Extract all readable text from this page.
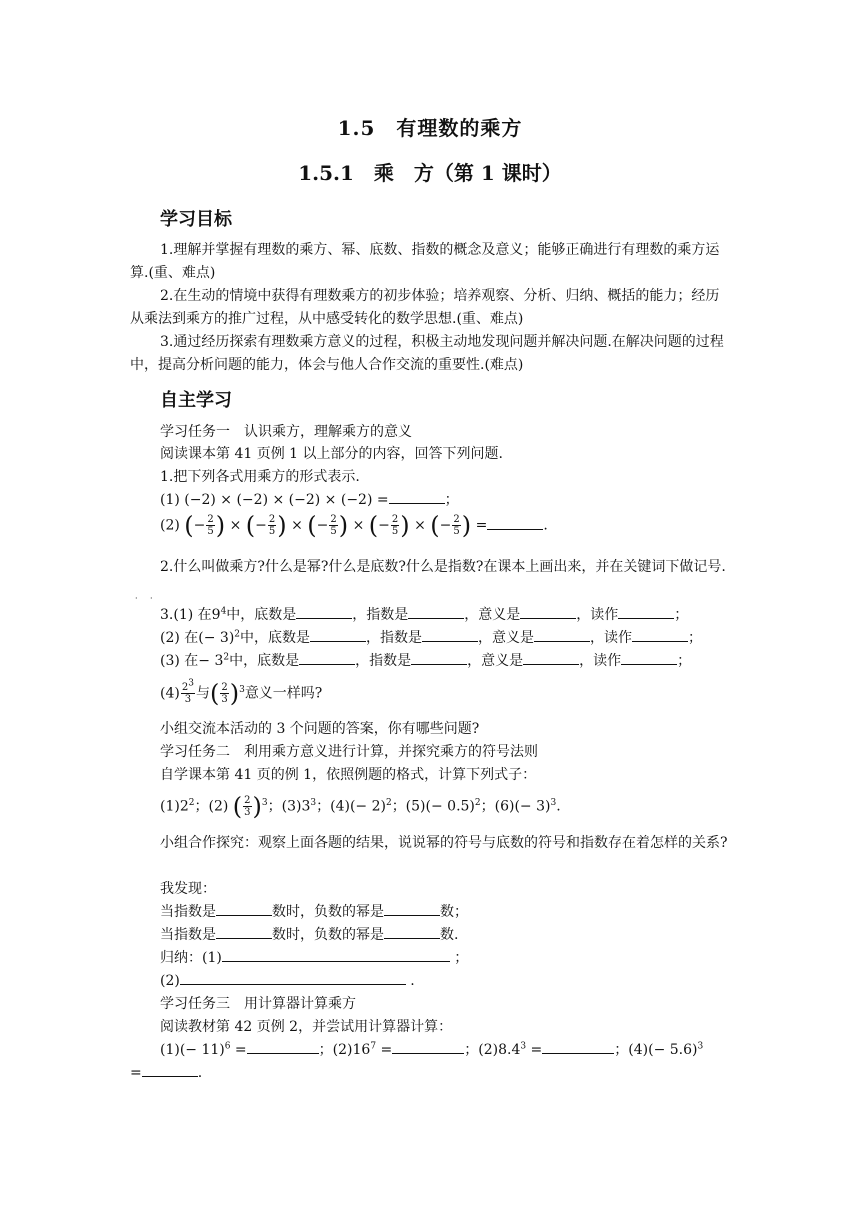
1.5　有理数的乘方
1.5.1　乘　方（第 1 课时）
学习目标
1.理解并掌握有理数的乘方、幂、底数、指数的概念及意义；能够正确进行有理数的乘方运算.(重、难点)
2.在生动的情境中获得有理数乘方的初步体验；培养观察、分析、归纳、概括的能力；经历从乘法到乘方的推广过程，从中感受转化的数学思想.(重、难点)
3.通过经历探索有理数乘方意义的过程，积极主动地发现问题并解决问题.在解决问题的过程中，提高分析问题的能力，体会与他人合作交流的重要性.(难点)
自主学习
学习任务一　认识乘方，理解乘方的意义
阅读课本第 41 页例 1 以上部分的内容，回答下列问题.
1.把下列各式用乘方的形式表示.
(1) (−2) × (−2) × (−2) × (−2) =	；
(2) (− $\frac{2}{5}$ ) × (− $\frac{2}{5}$ ) × (− $\frac{2}{5}$ ) × (− $\frac{2}{5}$ ) × (− $\frac{2}{5}$ ) =	.
2.什么叫做乘方?什么是幂?什么是底数?什么是指数?在课本上画出来，并在关键词下做记号.
· ·
3.(1) 在$9^4$中，底数是	，指数是	，意义是	，读作	；
(2) 在(− 3)$^2$中，底数是	，指数是	，意义是	，读作	；
(3) 在− $3^2$中，底数是	，指数是	，意义是	，读作	；
$(4) \frac{2^3}{3}$ 与( $\frac{2}{3} )^3$意义一样吗?
小组交流本活动的 3 个问题的答案，你有哪些问题?
学习任务二　利用乘方意义进行计算，并探究乘方的符号法则
自学课本第 41 页的例 1，依照例题的格式，计算下列式子：
$(1)2^2$；(2) ( $\frac{2}{3} )^3$；$(3)3^3$；$(4)(- 2)^2$；$(5)(- 0.5)^2$；$(6)(- 3)^3$.
小组合作探究：观察上面各题的结果，说说幂的符号与底数的符号和指数存在着怎样的关系?
我发现：
当指数是	数时，负数的幂是	数；
当指数是	数时，负数的幂是	数.
归纳：(1)	；
(2)	.
学习任务三　用计算器计算乘方
阅读教材第 42 页例 2，并尝试用计算器计算：
$(1)(- 11)^6$ =	；$(2)16^7$ =	；$(2)8.4^3$ =	；$(4)(- 5.6)^3$
=	.
